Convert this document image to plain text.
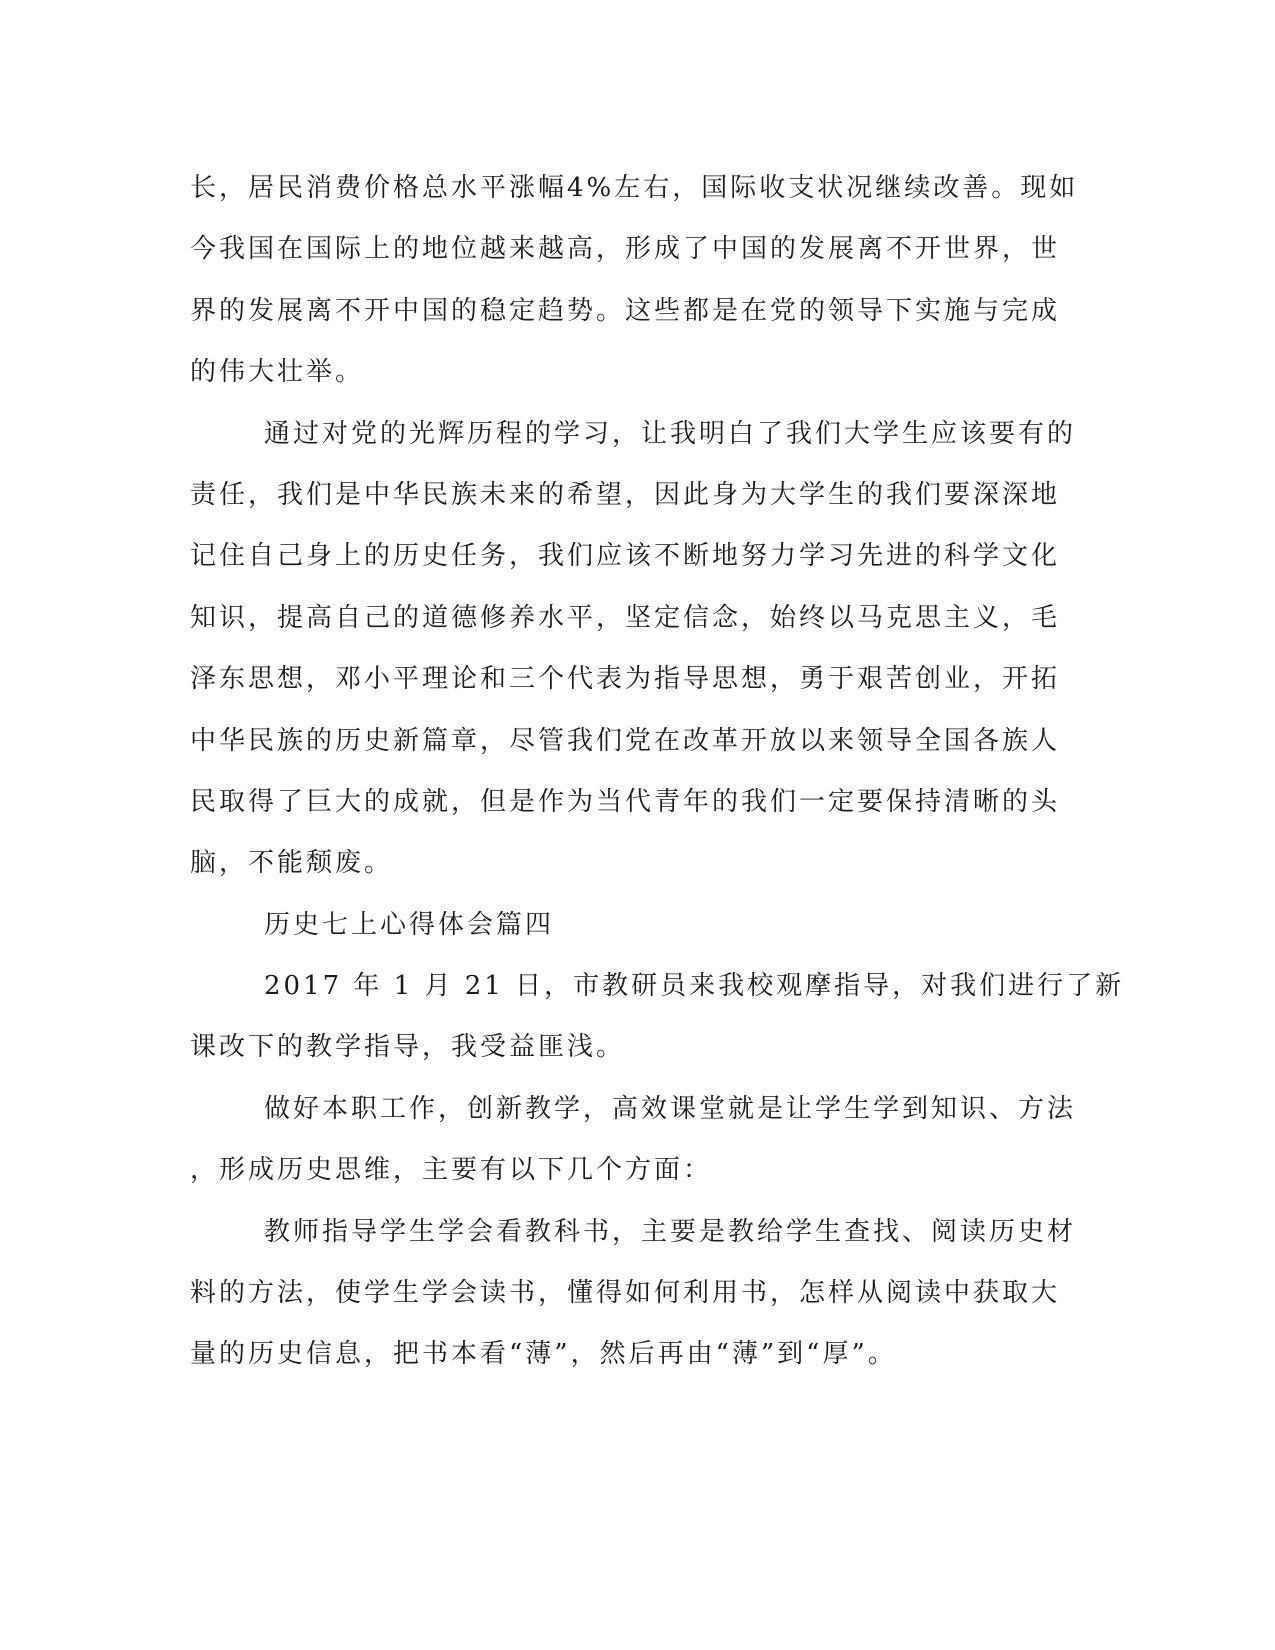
长，居民消费价格总水平涨幅4%左右，国际收支状况继续改善。现如
今我国在国际上的地位越来越高，形成了中国的发展离不开世界，世
界的发展离不开中国的稳定趋势。这些都是在党的领导下实施与完成
的伟大壮举。
通过对党的光辉历程的学习，让我明白了我们大学生应该要有的
责任，我们是中华民族未来的希望，因此身为大学生的我们要深深地
记住自己身上的历史任务，我们应该不断地努力学习先进的科学文化
知识，提高自己的道德修养水平，坚定信念，始终以马克思主义，毛
泽东思想，邓小平理论和三个代表为指导思想，勇于艰苦创业，开拓
中华民族的历史新篇章，尽管我们党在改革开放以来领导全国各族人
民取得了巨大的成就，但是作为当代青年的我们一定要保持清晰的头
脑，不能颓废。
历史七上心得体会篇四
2017 年 1 月 21 日，市教研员来我校观摩指导，对我们进行了新
课改下的教学指导，我受益匪浅。
做好本职工作，创新教学，高效课堂就是让学生学到知识、方法
，形成历史思维，主要有以下几个方面：
教师指导学生学会看教科书，主要是教给学生查找、阅读历史材
料的方法，使学生学会读书，懂得如何利用书，怎样从阅读中获取大
量的历史信息，把书本看“薄”，然后再由“薄”到“厚”。
